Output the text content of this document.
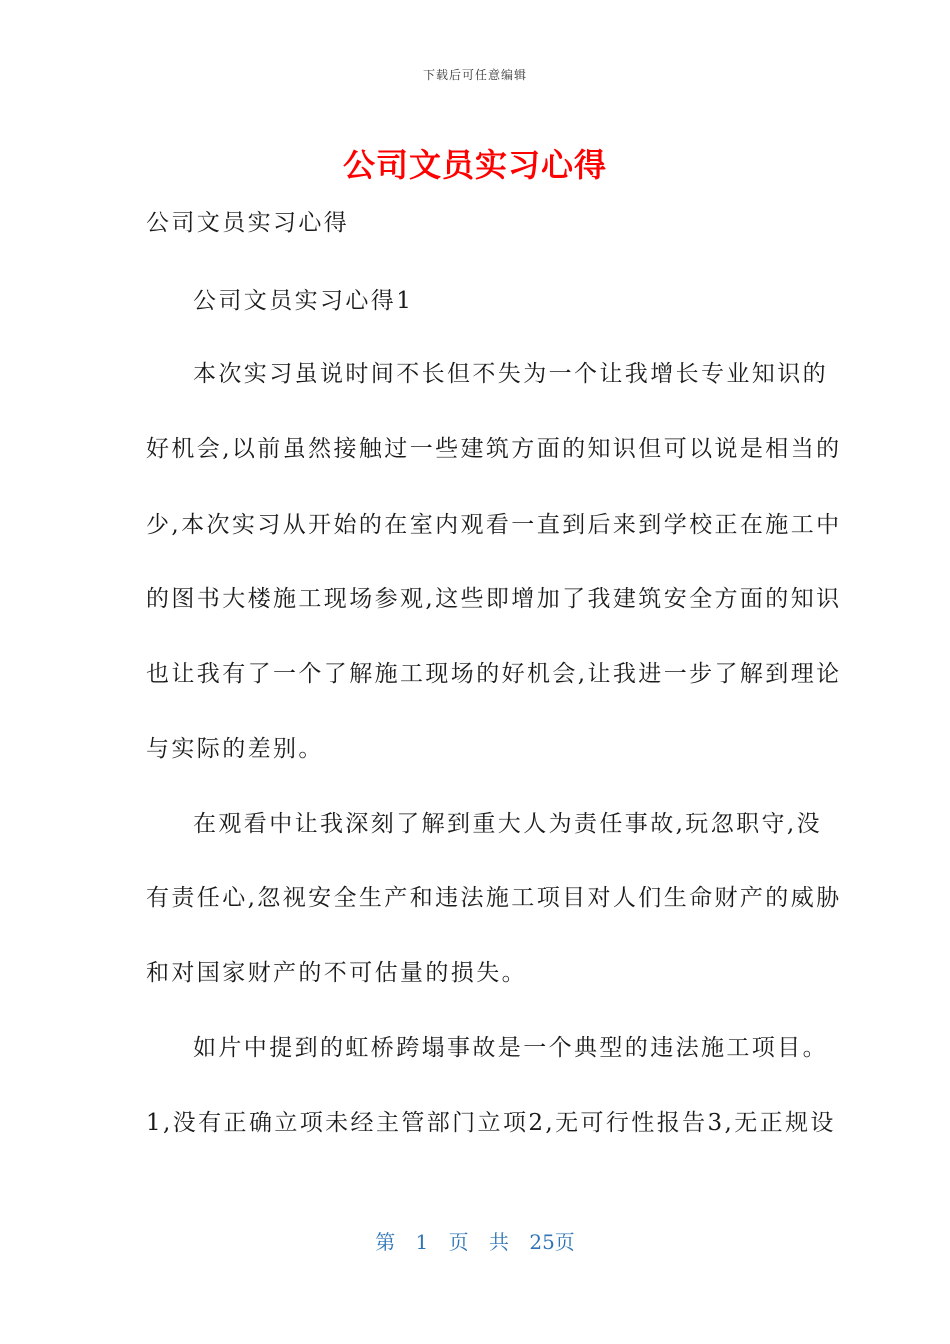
下载后可任意编辑
公司文员实习心得
公司文员实习心得
公司文员实习心得1
本次实习虽说时间不长但不失为一个让我增长专业知识的
好机会,以前虽然接触过一些建筑方面的知识但可以说是相当的
少,本次实习从开始的在室内观看一直到后来到学校正在施工中
的图书大楼施工现场参观,这些即增加了我建筑安全方面的知识
也让我有了一个了解施工现场的好机会,让我进一步了解到理论
与实际的差别。
在观看中让我深刻了解到重大人为责任事故,玩忽职守,没
有责任心,忽视安全生产和违法施工项目对人们生命财产的威胁
和对国家财产的不可估量的损失。
如片中提到的虹桥跨塌事故是一个典型的违法施工项目。
1,没有正确立项未经主管部门立项2,无可行性报告3,无正规设
第 1 页 共 25页
